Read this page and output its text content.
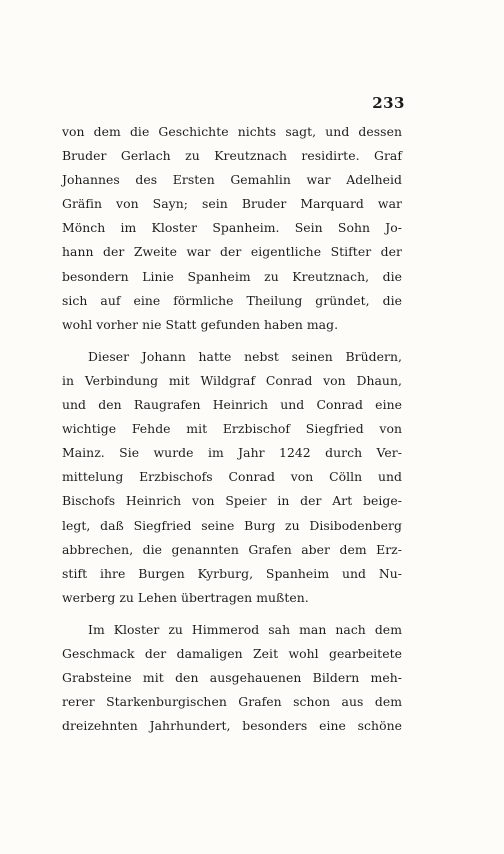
233
von dem die Geschichte nichts sagt, und dessen
Bruder Gerlach zu Kreutznach residirte. Graf
Johannes des Ersten Gemahlin war Adelheid
Gräfin von Sayn; sein Bruder Marquard war
Mönch im Kloster Spanheim. Sein Sohn Jo-
hann der Zweite war der eigentliche Stifter der
besondern Linie Spanheim zu Kreutznach, die
sich auf eine förmliche Theilung gründet, die
wohl vorher nie Statt gefunden haben mag.
Dieser Johann hatte nebst seinen Brüdern,
in Verbindung mit Wildgraf Conrad von Dhaun,
und den Raugrafen Heinrich und Conrad eine
wichtige Fehde mit Erzbischof Siegfried von
Mainz. Sie wurde im Jahr 1242 durch Ver-
mittelung Erzbischofs Conrad von Cölln und
Bischofs Heinrich von Speier in der Art beige-
legt, daß Siegfried seine Burg zu Disibodenberg
abbrechen, die genannten Grafen aber dem Erz-
stift ihre Burgen Kyrburg, Spanheim und Nu-
werberg zu Lehen übertragen mußten.
Im Kloster zu Himmerod sah man nach dem
Geschmack der damaligen Zeit wohl gearbeitete
Grabsteine mit den ausgehauenen Bildern meh-
rerer Starkenburgischen Grafen schon aus dem
dreizehnten Jahrhundert, besonders eine schöne
